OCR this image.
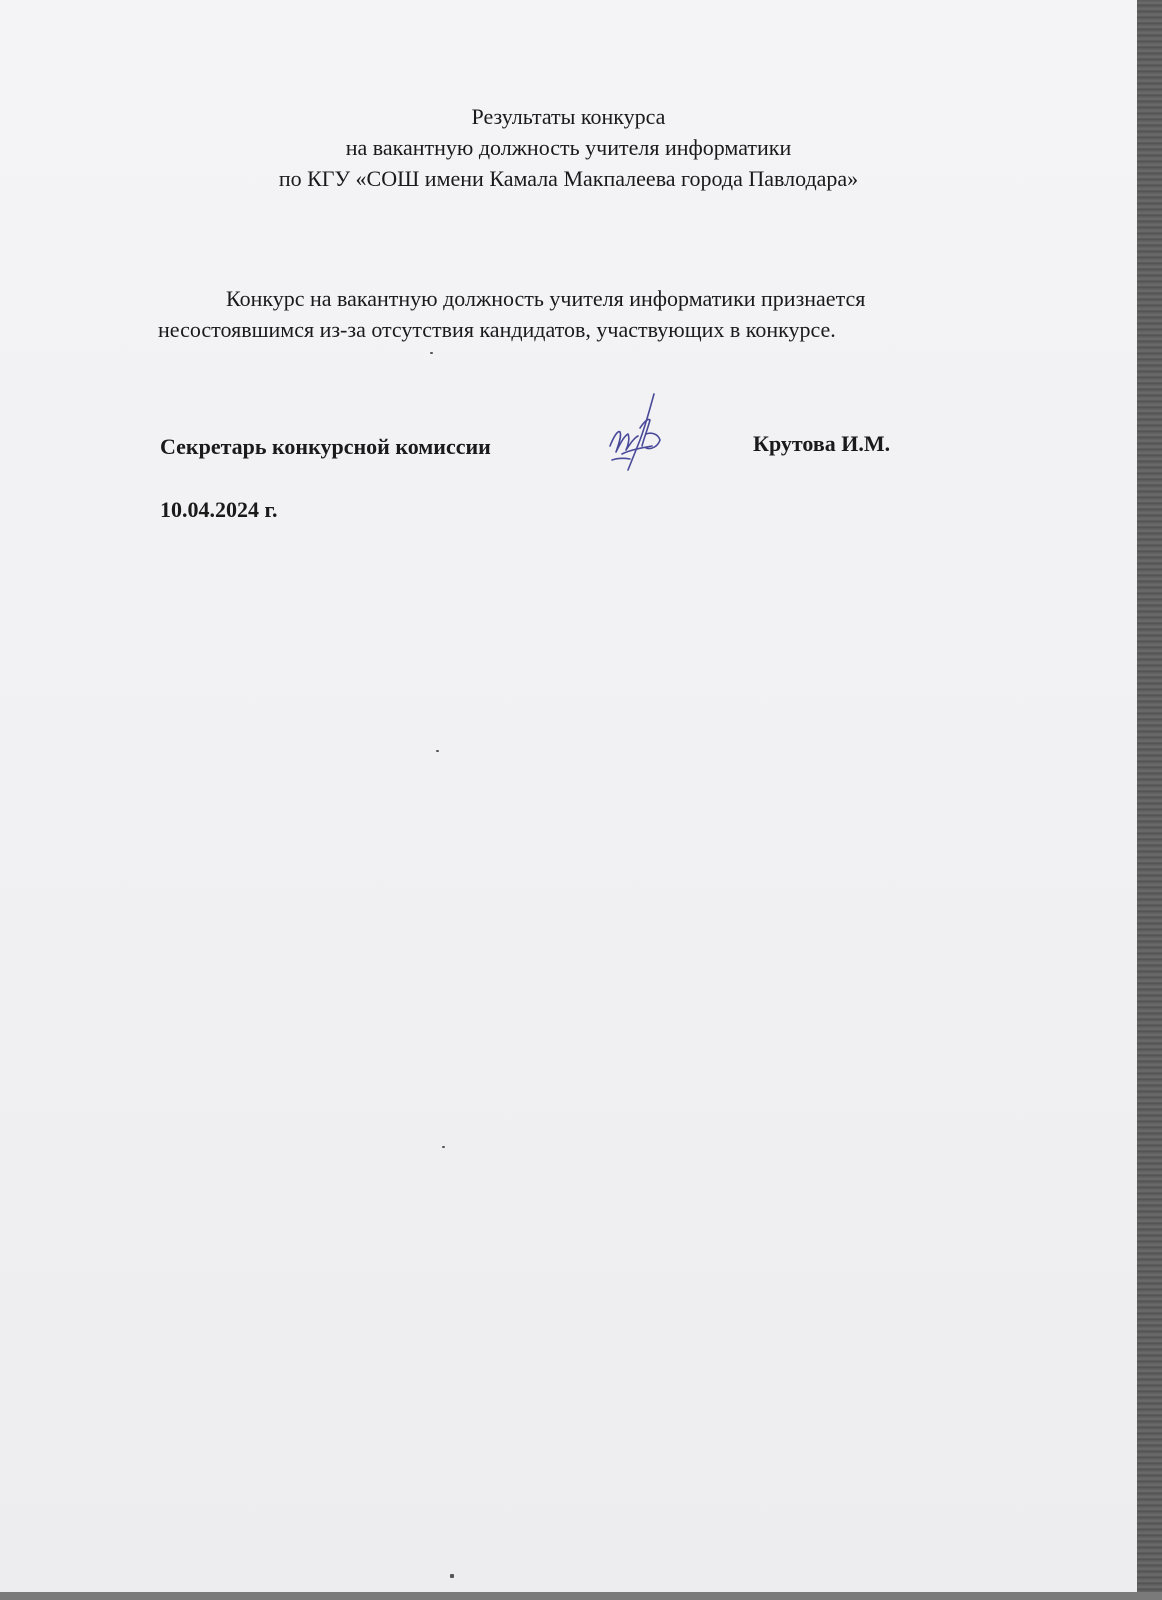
Результаты конкурса
на вакантную должность учителя информатики
по КГУ «СОШ имени Камала Макпалеева города Павлодара»
Конкурс на вакантную должность учителя информатики признается
несостоявшимся из-за отсутствия кандидатов, участвующих в конкурсе.
Секретарь конкурсной комиссии	Крутова И.М.
10.04.2024 г.
